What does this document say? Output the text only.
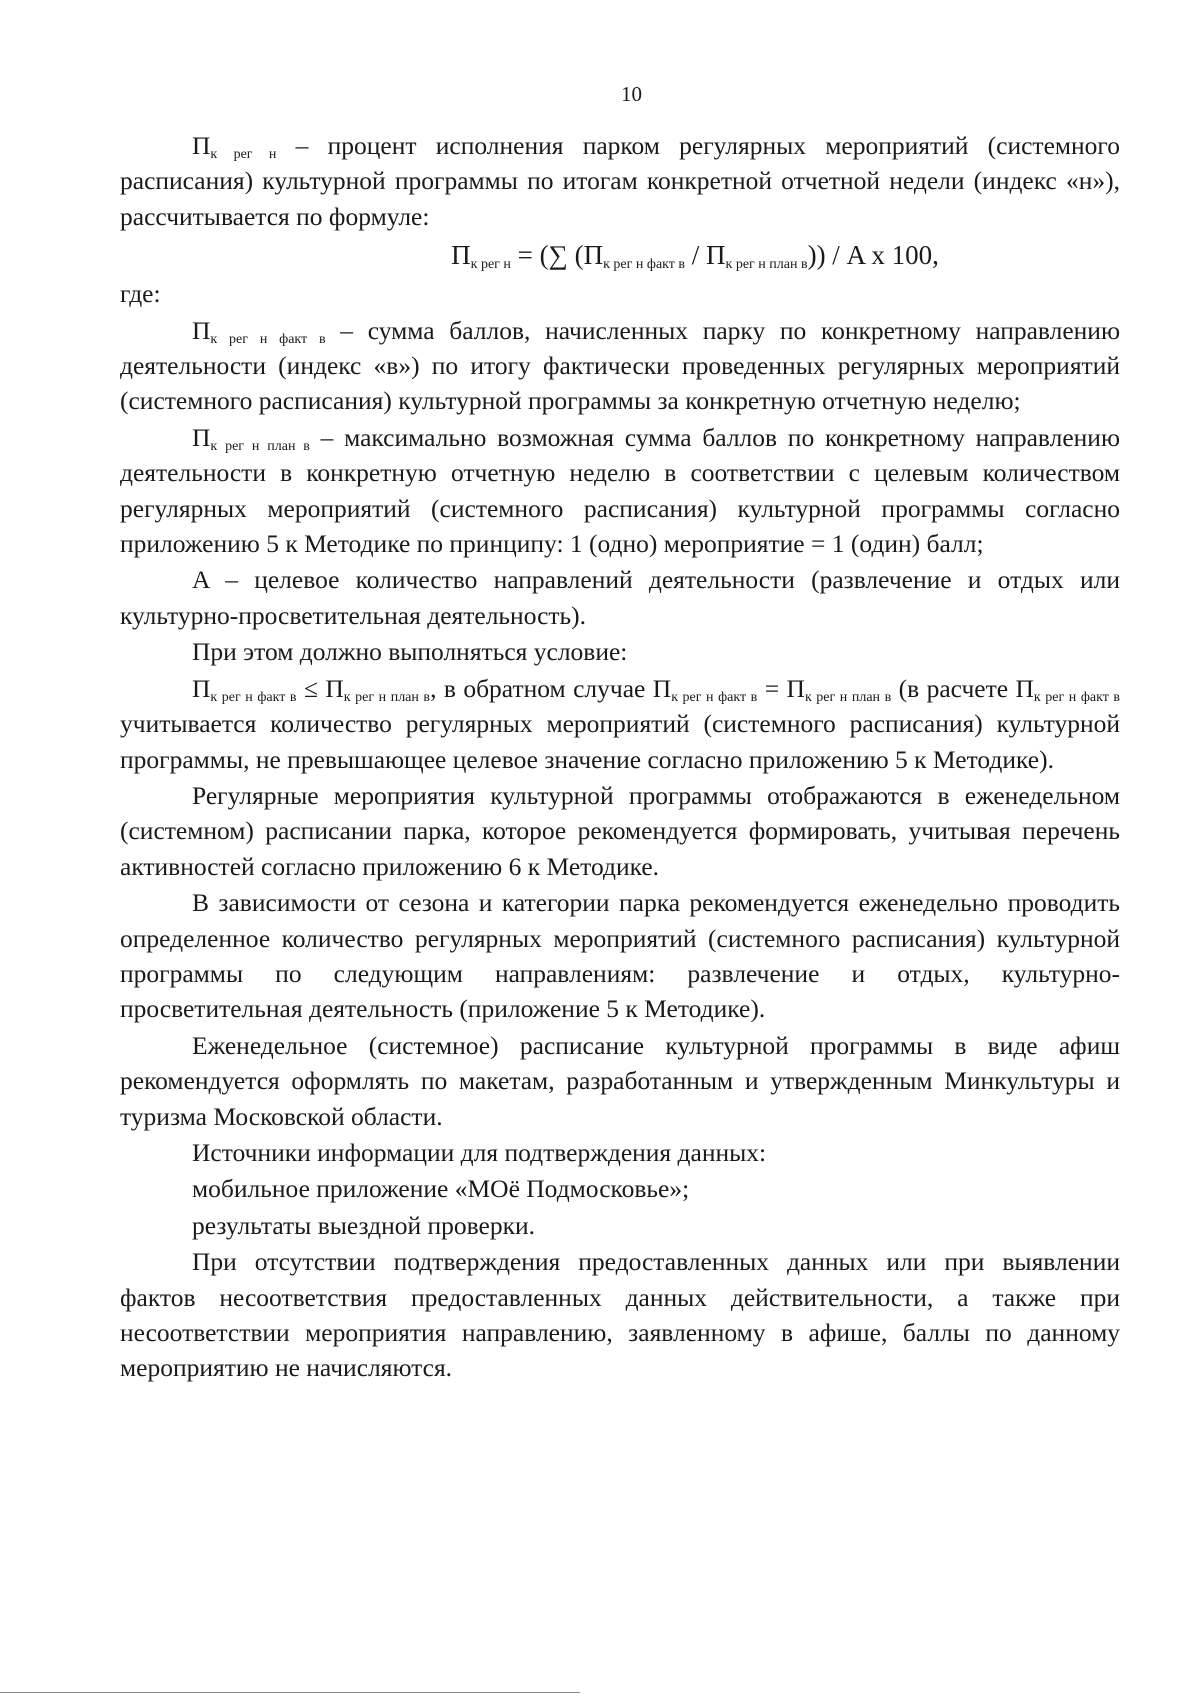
10

$П_{к рег н}$ – процент исполнения парком регулярных мероприятий (системного расписания) культурной программы по итогам конкретной отчетной недели (индекс «н»), рассчитывается по формуле:

$П_{к рег н}$ = (∑ $(П_{к рег н факт в} / П_{к рег н план в})$) / A x 100,

где:

$П_{к рег н факт в}$ – сумма баллов, начисленных парку по конкретному направлению деятельности (индекс «в») по итогу фактически проведенных регулярных мероприятий (системного расписания) культурной программы за конкретную отчетную неделю;

$П_{к рег н план в}$ – максимально возможная сумма баллов по конкретному направлению деятельности в конкретную отчетную неделю в соответствии с целевым количеством регулярных мероприятий (системного расписания) культурной программы согласно приложению 5 к Методике по принципу: 1 (одно) мероприятие = 1 (один) балл;

A – целевое количество направлений деятельности (развлечение и отдых или культурно-просветительная деятельность).

При этом должно выполняться условие:

$П_{к рег н факт в} \le П_{к рег н план в}$, в обратном случае $П_{к рег н факт в} = П_{к рег н план в}$ (в расчете $П_{к рег н факт в}$ учитывается количество регулярных мероприятий (системного расписания) культурной программы, не превышающее целевое значение согласно приложению 5 к Методике).

Регулярные мероприятия культурной программы отображаются в еженедельном (системном) расписании парка, которое рекомендуется формировать, учитывая перечень активностей согласно приложению 6 к Методике.

В зависимости от сезона и категории парка рекомендуется еженедельно проводить определенное количество регулярных мероприятий (системного расписания) культурной программы по следующим направлениям: развлечение и отдых, культурно-просветительная деятельность (приложение 5 к Методике).

Еженедельное (системное) расписание культурной программы в виде афиш рекомендуется оформлять по макетам, разработанным и утвержденным Минкультуры и туризма Московской области.

Источники информации для подтверждения данных:

мобильное приложение «МОё Подмосковье»;

результаты выездной проверки.

При отсутствии подтверждения предоставленных данных или при выявлении фактов несоответствия предоставленных данных действительности, а также при несоответствии мероприятия направлению, заявленному в афише, баллы по данному мероприятию не начисляются.
